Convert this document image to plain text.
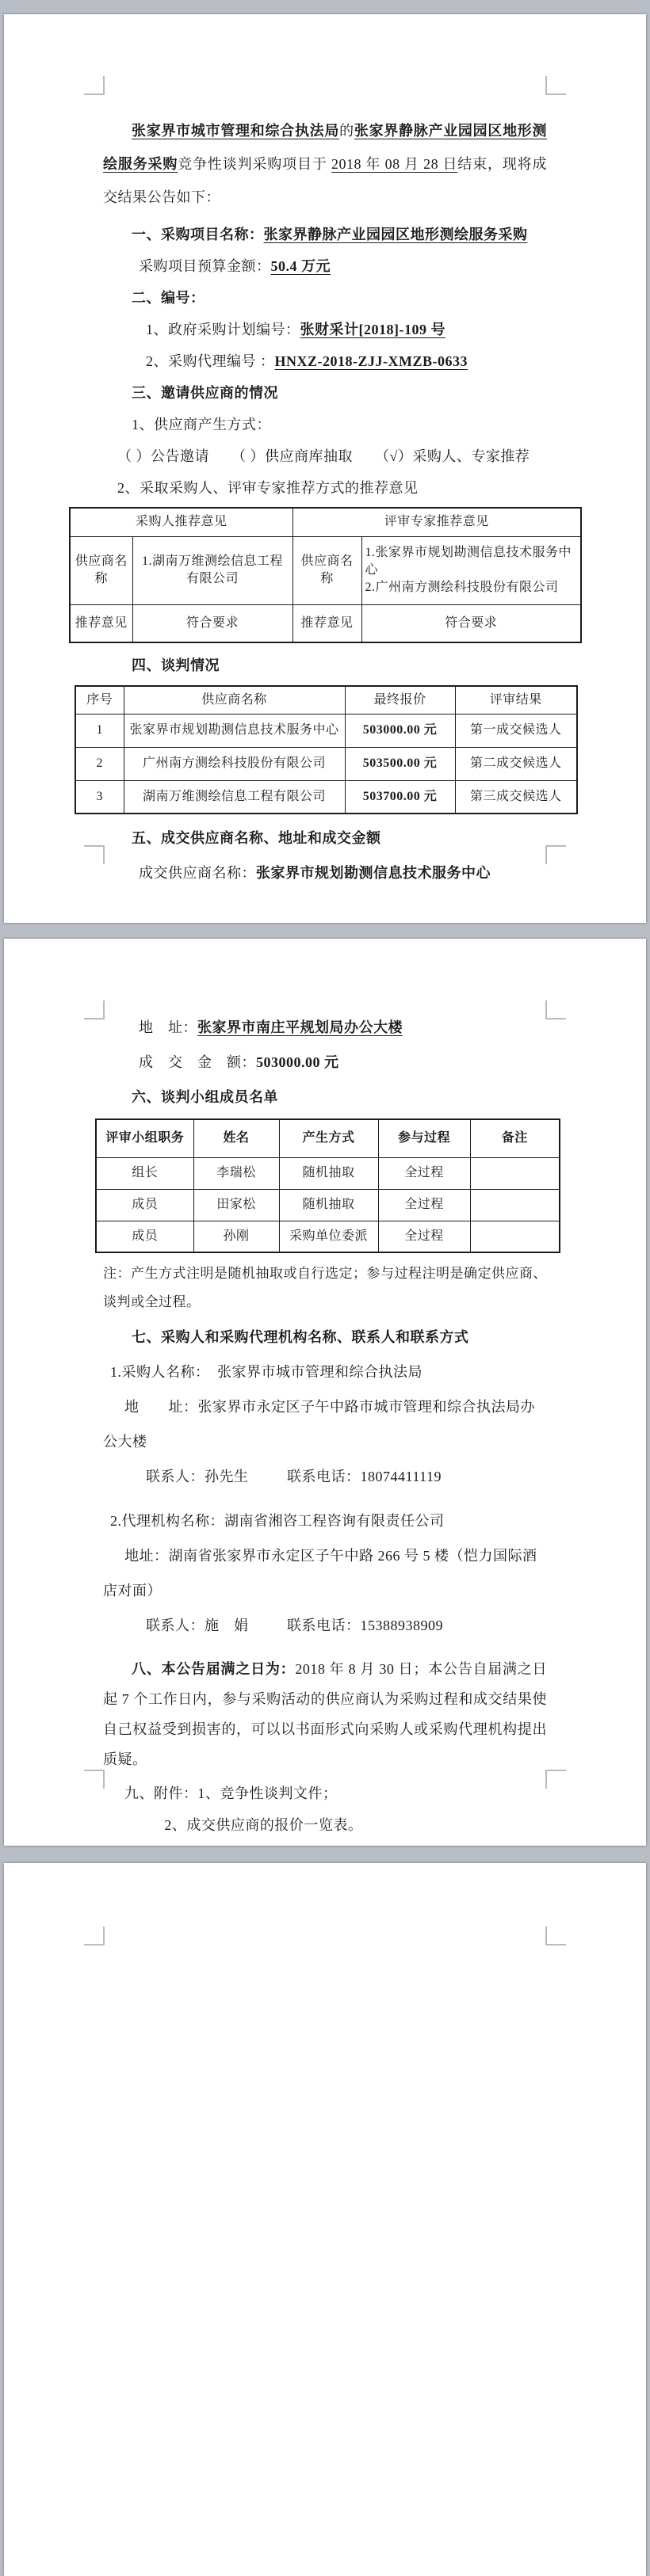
张家界市城市管理和综合执法局的张家界静脉产业园园区地形测绘服务采购竞争性谈判采购项目于 2018 年 08 月 28 日结束，现将成交结果公告如下：

一、采购项目名称：张家界静脉产业园园区地形测绘服务采购

采购项目预算金额：50.4 万元

二、编号：

1、政府采购计划编号：张财采计[2018]-109 号

2、采购代理编号 ：HNXZ-2018-ZJJ-XMZB-0633

三、邀请供应商的情况

1、供应商产生方式：

（ ）公告邀请　　（ ）供应商库抽取　　（√）采购人、专家推荐

2、采取采购人、评审专家推荐方式的推荐意见

采购人推荐意见		评审专家推荐意见	
供应商名称	1.湖南万维测绘信息工程有限公司	供应商名称	1.张家界市规划勘测信息技术服务中心
2.广州南方测绘科技股份有限公司

推荐意见	符合要求	推荐意见	符合要求

四、谈判情况

序号	供应商名称	最终报价	评审结果
1	张家界市规划勘测信息技术服务中心	503000.00 元	第一成交候选人
2	广州南方测绘科技股份有限公司	503500.00 元	第二成交候选人
3	湖南万维测绘信息工程有限公司	503700.00 元	第三成交候选人

五、成交供应商名称、地址和成交金额

成交供应商名称：张家界市规划勘测信息技术服务中心

地　址：张家界市南庄平规划局办公大楼

成　交　金　额：503000.00 元

六、谈判小组成员名单

评审小组职务	姓名	产生方式	参与过程	备注
组长	李瑞松	随机抽取	全过程	
成员	田家松	随机抽取	全过程	
成员	孙刚	采购单位委派	全过程	

注：产生方式注明是随机抽取或自行选定；参与过程注明是确定供应商、谈判或全过程。

七、采购人和采购代理机构名称、联系人和联系方式

1.采购人名称：　张家界市城市管理和综合执法局

地　　址：张家界市永定区子午中路市城市管理和综合执法局办公大楼

联系人：孙先生	联系电话：18074411119

2.代理机构名称：湖南省湘咨工程咨询有限责任公司

地址：湖南省张家界市永定区子午中路 266 号 5 楼（恺力国际酒店对面）

联系人：施　娟	联系电话：15388938909

八、本公告届满之日为：2018 年 8 月 30 日；本公告自届满之日起 7 个工作日内，参与采购活动的供应商认为采购过程和成交结果使自己权益受到损害的，可以以书面形式向采购人或采购代理机构提出质疑。

九、附件：1、竞争性谈判文件；

2、成交供应商的报价一览表。
